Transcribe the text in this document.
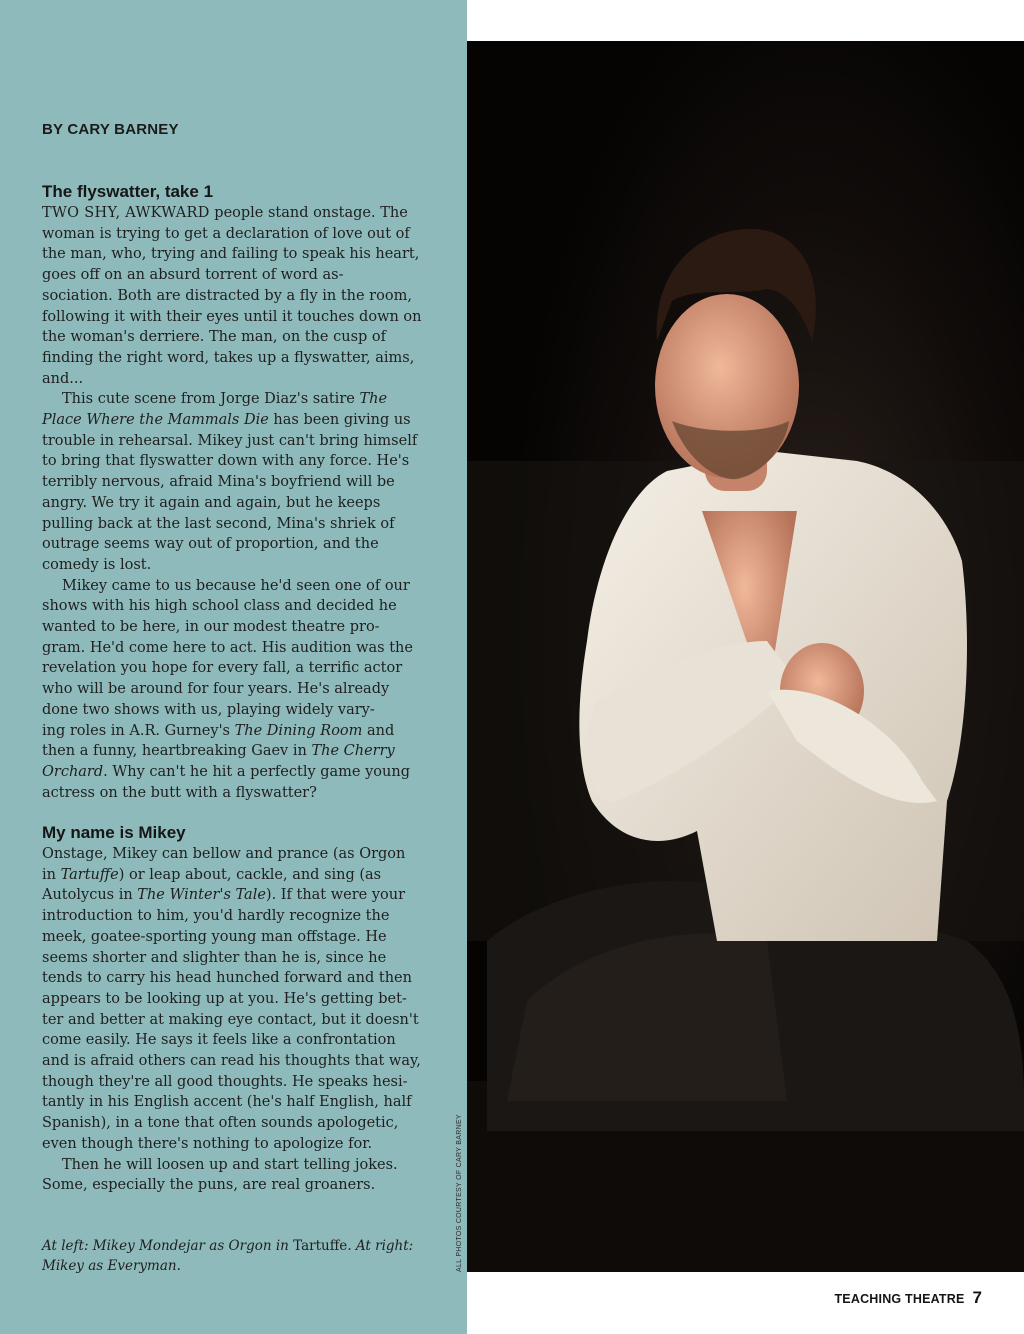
BY CARY BARNEY
The flyswatter, take 1

TWO SHY, AWKWARD people stand onstage. The woman is trying to get a declaration of love out of the man, who, trying and failing to speak his heart, goes off on an absurd torrent of word as-
sociation. Both are distracted by a fly in the room, following it with their eyes until it touches down on the woman's derriere. The man, on the cusp of finding the right word, takes up a flyswatter, aims, and...

This cute scene from Jorge Diaz's satire The Place Where the Mammals Die has been giving us trouble in rehearsal. Mikey just can't bring himself to bring that flyswatter down with any force. He's terribly nervous, afraid Mina's boyfriend will be angry. We try it again and again, but he keeps pulling back at the last second, Mina's shriek of outrage seems way out of proportion, and the comedy is lost.

Mikey came to us because he'd seen one of our shows with his high school class and decided he wanted to be here, in our modest theatre pro-
gram. He'd come here to act. His audition was the revelation you hope for every fall, a terrific actor who will be around for four years. He's already done two shows with us, playing widely vary-
ing roles in A.R. Gurney's The Dining Room and then a funny, heartbreaking Gaev in The Cherry Orchard. Why can't he hit a perfectly game young actress on the butt with a flyswatter?

My name is Mikey

Onstage, Mikey can bellow and prance (as Orgon in Tartuffe) or leap about, cackle, and sing (as Autolycus in The Winter's Tale). If that were your introduction to him, you'd hardly recognize the meek, goatee-sporting young man offstage. He seems shorter and slighter than he is, since he tends to carry his head hunched forward and then appears to be looking up at you. He's getting bet-
ter and better at making eye contact, but it doesn't come easily. He says it feels like a confrontation and is afraid others can read his thoughts that way, though they're all good thoughts. He speaks hesi-
tantly in his English accent (he's half English, half Spanish), in a tone that often sounds apologetic, even though there's nothing to apologize for.

Then he will loosen up and start telling jokes. Some, especially the puns, are real groaners.

At left: Mikey Mondejar as Orgon in Tartuffe. At right: Mikey as Everyman.	ALL PHOTOS COURTESY OF CARY BARNEY
TEACHING THEATRE 7
